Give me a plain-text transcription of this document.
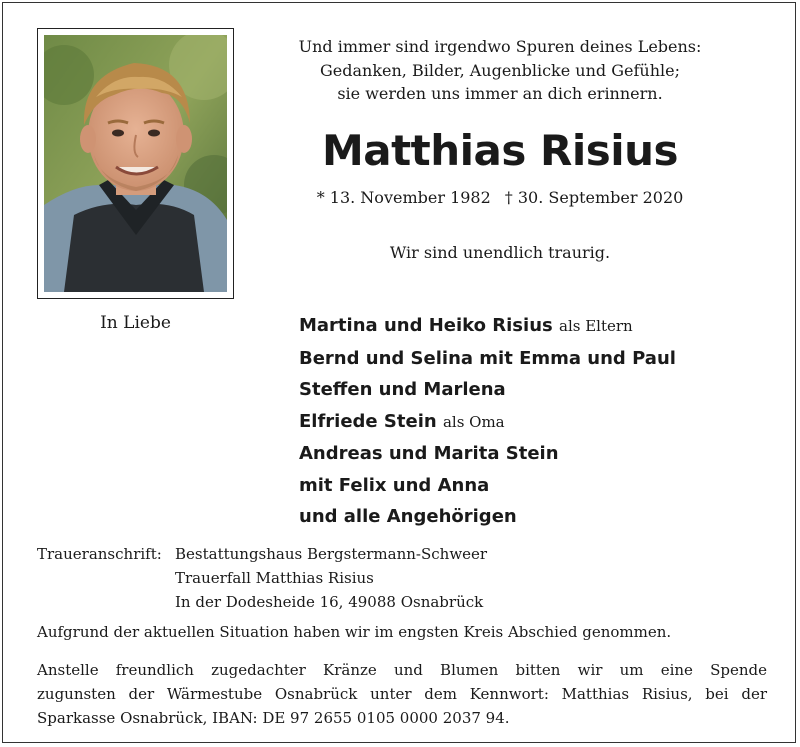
In Liebe
Und immer sind irgendwo Spuren deines Lebens:
Gedanken, Bilder, Augenblicke und Gefühle;
sie werden uns immer an dich erinnern.
Matthias Risius
* 13. November 1982 † 30. September 2020
Wir sind unendlich traurig.
Martina und Heiko Risius als Eltern
Bernd und Selina mit Emma und Paul
Steffen und Marlena
Elfriede Stein als Oma
Andreas und Marita Stein
mit Felix und Anna
und alle Angehörigen
Traueranschrift: Bestattungshaus Bergstermann-Schweer
Trauerfall Matthias Risius
In der Dodesheide 16, 49088 Osnabrück
Aufgrund der aktuellen Situation haben wir im engsten Kreis Abschied genommen.
Anstelle freundlich zugedachter Kränze und Blumen bitten wir um eine Spende
zugunsten der Wärmestube Osnabrück unter dem Kennwort: Matthias Risius, bei der
Sparkasse Osnabrück, IBAN: DE 97 2655 0105 0000 2037 94.
